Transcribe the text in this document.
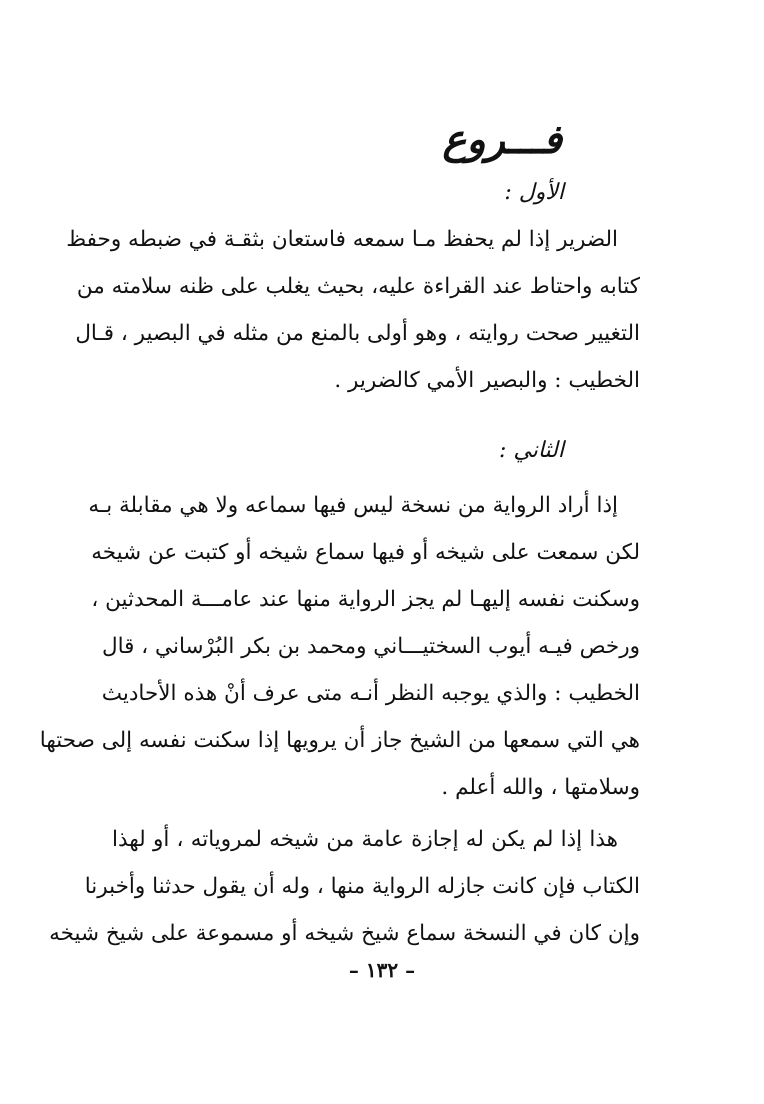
فـــروع
الأول :
الضرير إذا لم يحفظ مـا سمعه فاستعان بثقـة في ضبطه وحفظ
كتابه واحتاط عند القراءة عليه، بحيث يغلب على ظنه سلامته من
التغيير صحت روايته ، وهو أولى بالمنع من مثله في البصير ، قـال
الخطيب : والبصير الأمي كالضرير .
الثاني :
إذا أراد الرواية من نسخة ليس فيها سماعه ولا هي مقابلة بـه
لكن سمعت على شيخه أو فيها سماع شيخه أو كتبت عن شيخه
وسكنت نفسه إليهـا لم يجز الرواية منها عند عامـــة المحدثين ،
ورخص فيـه أيوب السختيـــاني ومحمد بن بكر البُرْساني ، قال
الخطيب : والذي يوجبه النظر أنـه متى عرف أنْ هذه الأحاديث
هي التي سمعها من الشيخ جاز أن يرويها إذا سكنت نفسه إلى صحتها
وسلامتها ، والله أعلم .
هذا إذا لم يكن له إجازة عامة من شيخه لمروياته ، أو لهذا
الكتاب فإن كانت جازله الرواية منها ، وله أن يقول حدثنا وأخبرنا
وإن كان في النسخة سماع شيخ شيخه أو مسموعة على شيخ شيخه
– ١٣٢ –
